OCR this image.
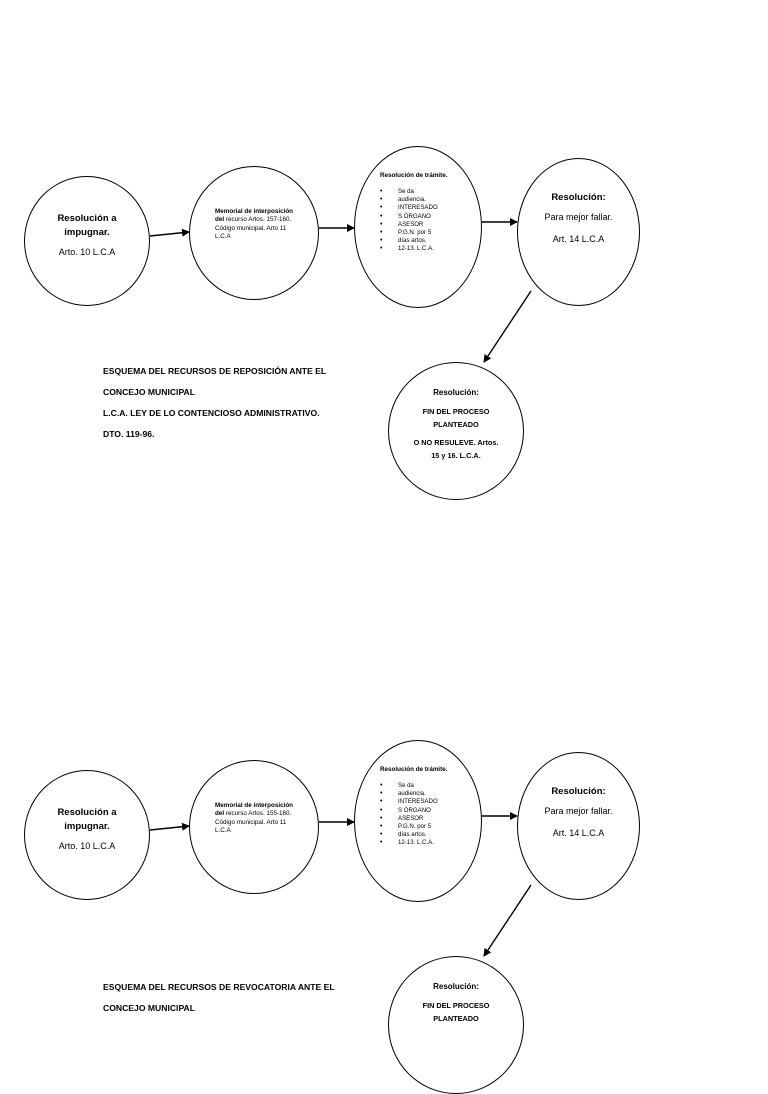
Resolución a impugnar.
Arto. 10 L.C.A
Memorial de interposición del recurso Artos. 157-160. Código municipal. Arto 11 L.C.A
Resolución de trámite.
• Se da
• audiencia.
• INTERESADO
• S ÓRGANO
• ASESOR
• P.G.N. por 5
• días artos.
• 12-13. L.C.A.
Resolución:
Para mejor fallar.
Art. 14 L.C.A
Resolución:
FIN DEL PROCESO PLANTEADO
O NO RESULEVE. Artos. 15 y 16. L.C.A.
ESQUEMA DEL RECURSOS DE REPOSICIÓN ANTE EL
CONCEJO MUNICIPAL
L.C.A. LEY DE LO CONTENCIOSO ADMINISTRATIVO.
DTO. 119-96.
Resolución a impugnar.
Arto. 10 L.C.A
Memorial de interposición del recurso Artos. 155-160. Código municipal. Arto 11 L.C.A
Resolución de trámite.
• Se da
• audiencia.
• INTERESADO
• S ÓRGANO
• ASESOR
• P.G.N. por 5
• días artos.
• 12-13. L.C.A.
Resolución:
Para mejor fallar.
Art. 14 L.C.A
Resolución:
FIN DEL PROCESO PLANTEADO
ESQUEMA DEL RECURSOS DE REVOCATORIA ANTE EL
CONCEJO MUNICIPAL
